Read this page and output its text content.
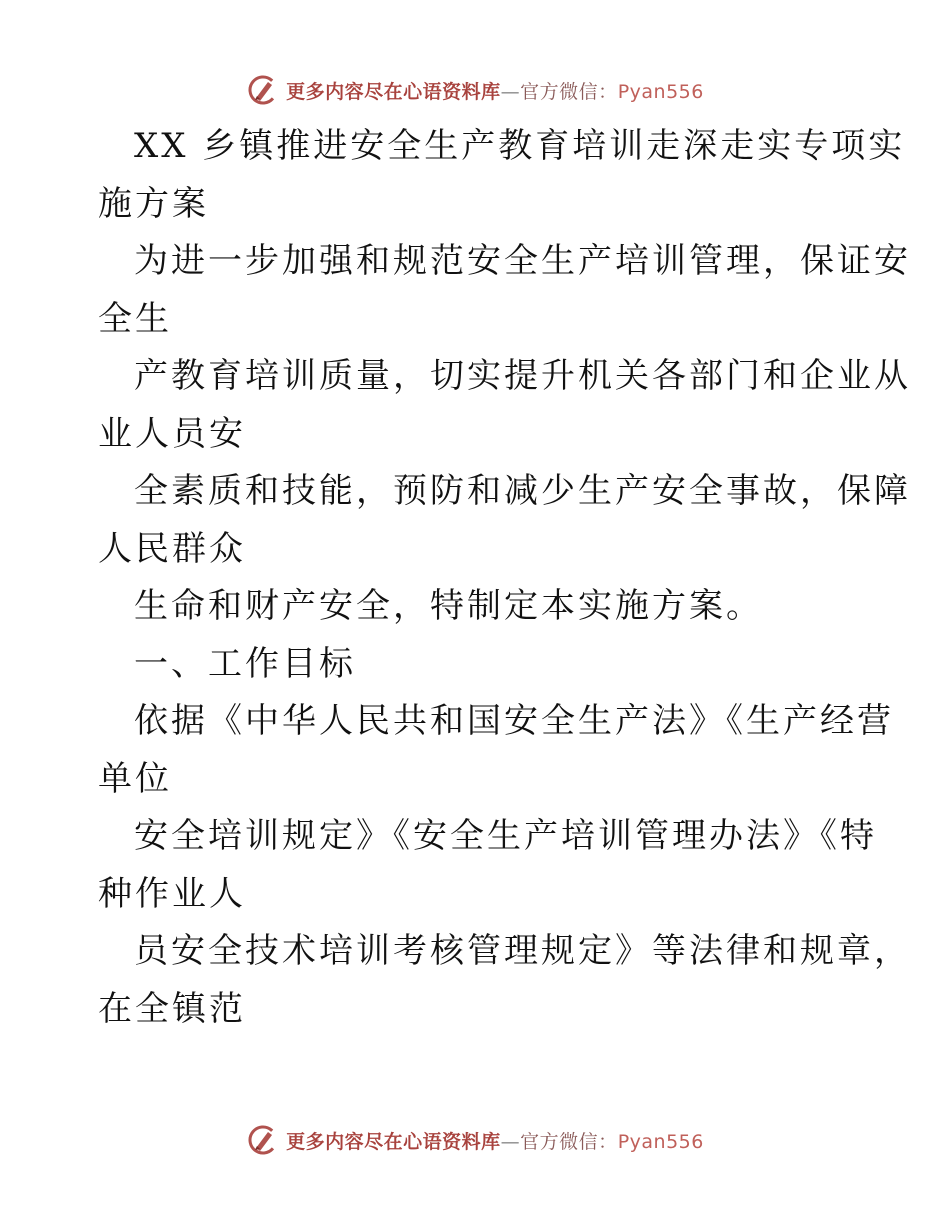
更多内容尽在心语资料库—官方微信：Pyan556
XX 乡镇推进安全生产教育培训走深走实专项实
施方案
为进一步加强和规范安全生产培训管理，保证安
全生
产教育培训质量，切实提升机关各部门和企业从
业人员安
全素质和技能，预防和减少生产安全事故，保障
人民群众
生命和财产安全，特制定本实施方案。
一、工作目标
依据《中华人民共和国安全生产法》《生产经营
单位
安全培训规定》《安全生产培训管理办法》《特
种作业人
员安全技术培训考核管理规定》等法律和规章，
在全镇范
更多内容尽在心语资料库—官方微信：Pyan556
